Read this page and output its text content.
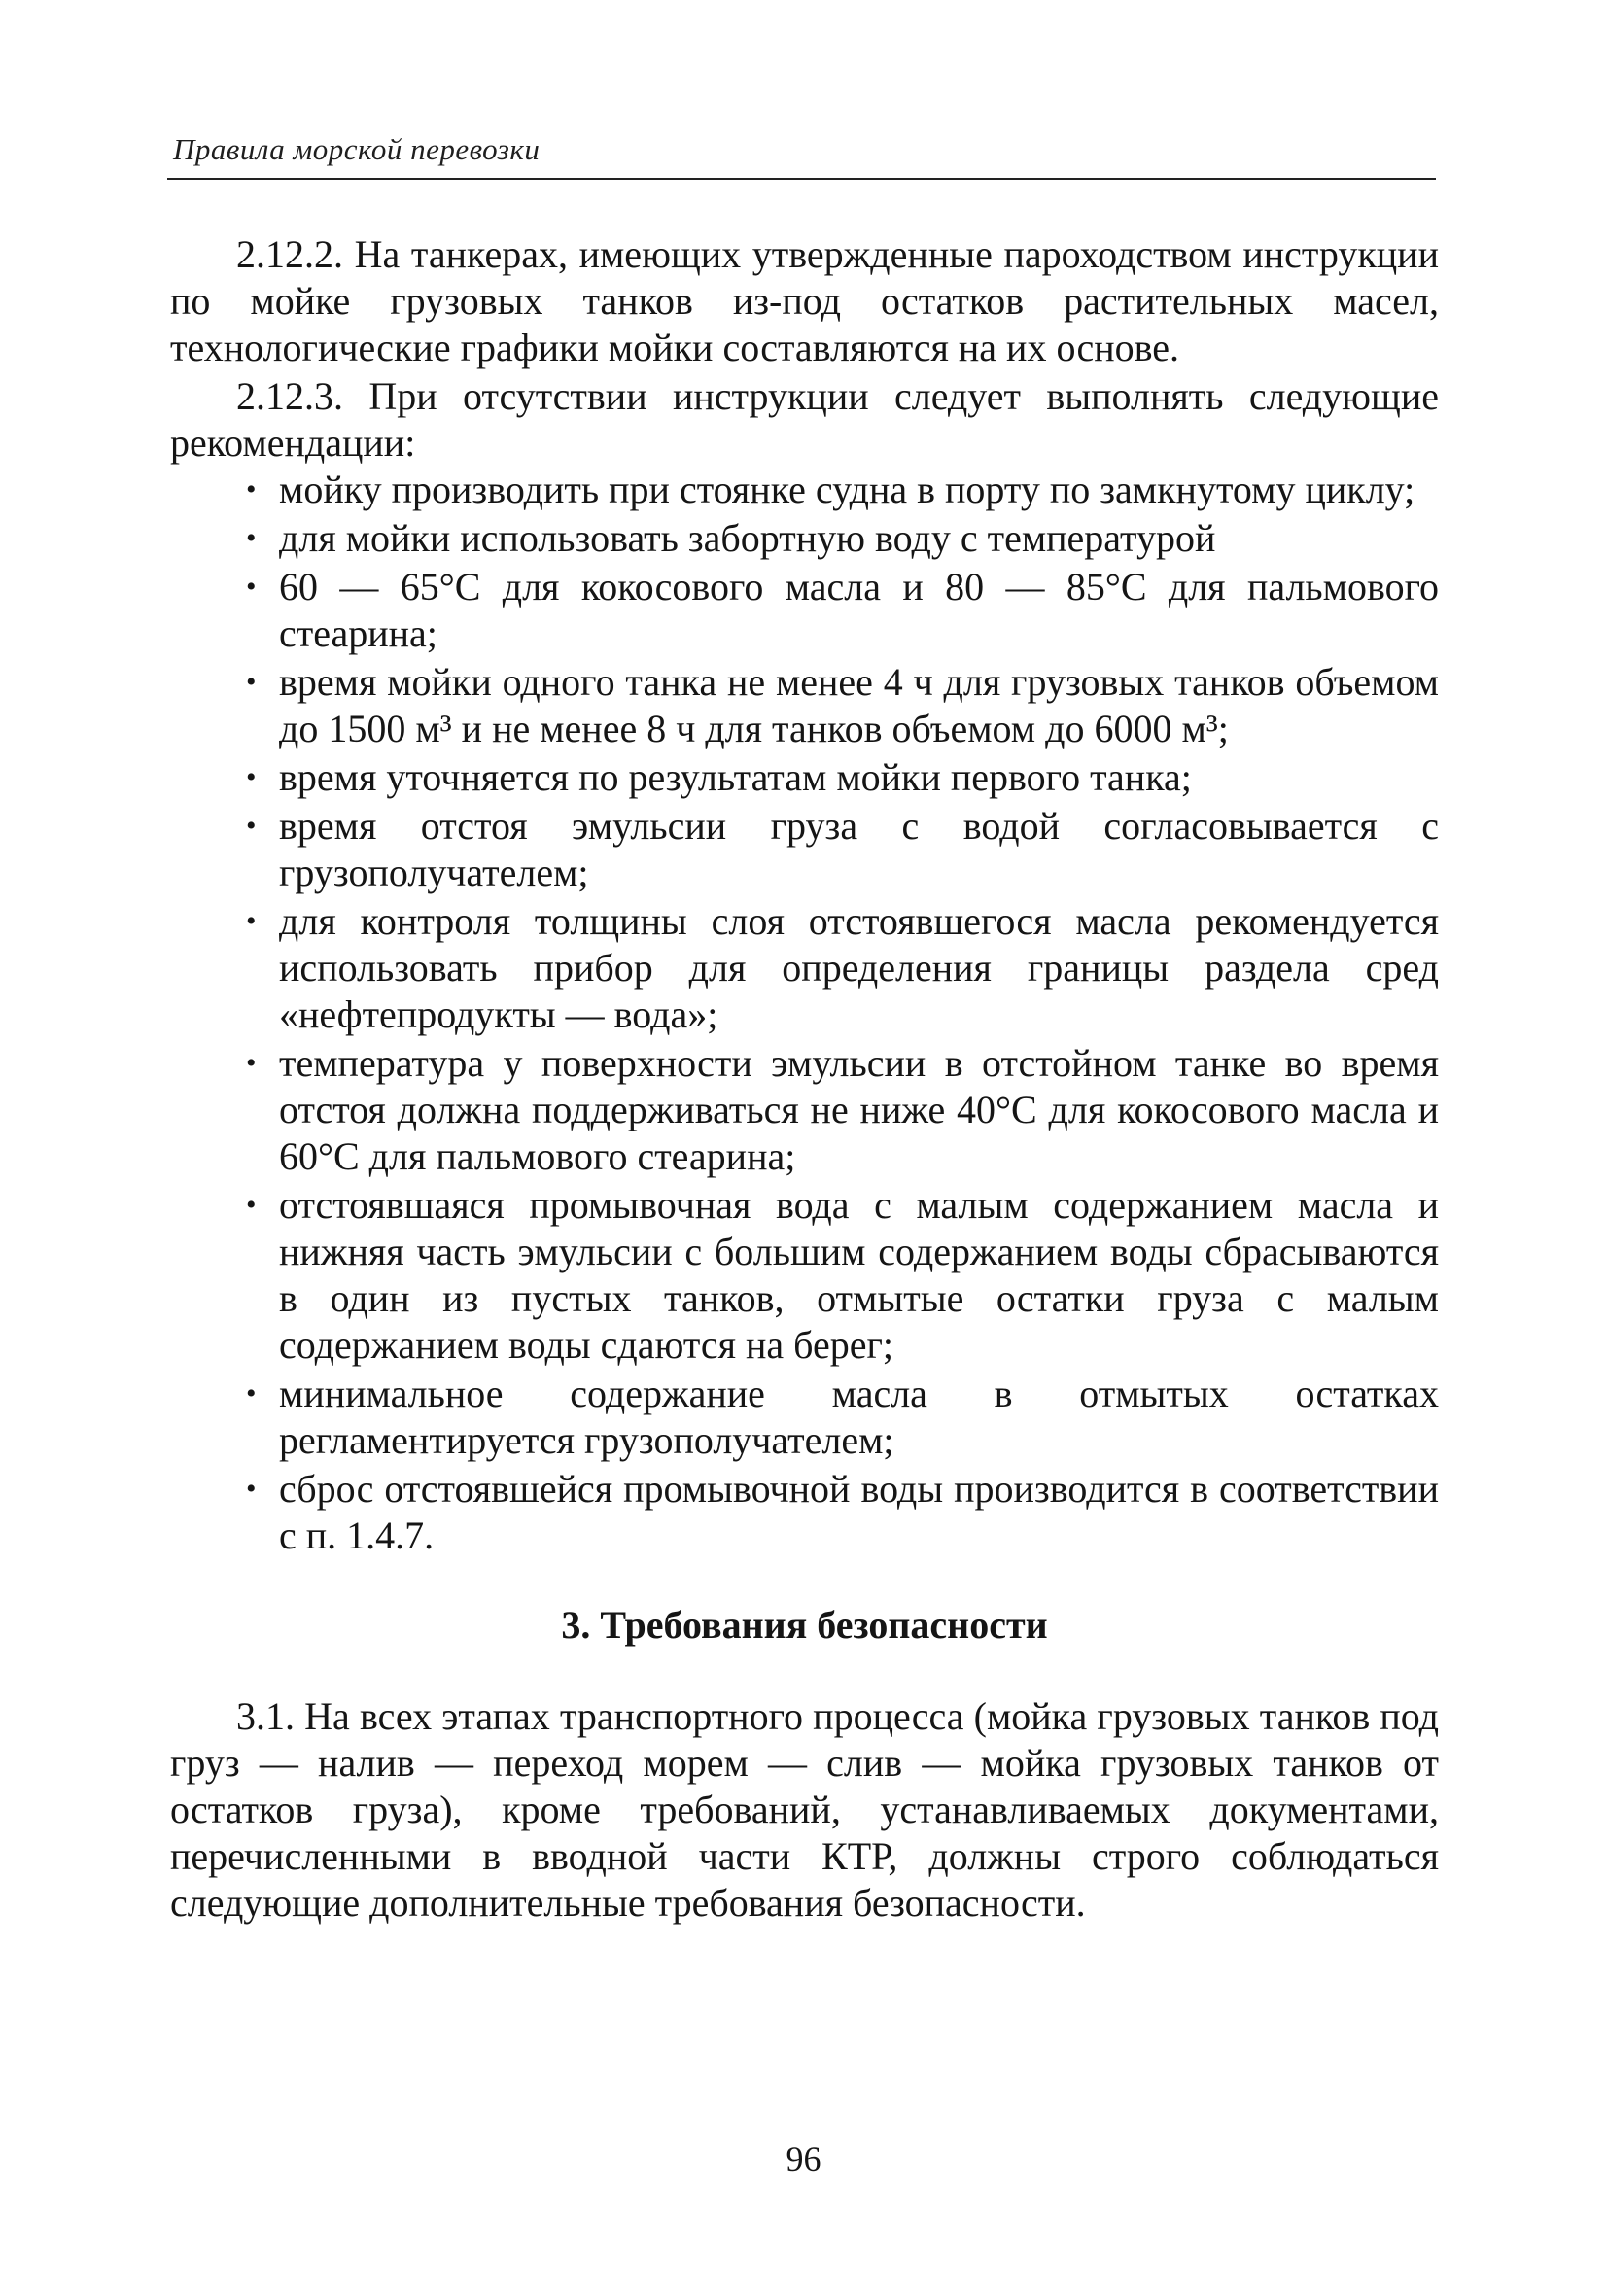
Правила морской перевозки

2.12.2. На танкерах, имеющих утвержденные пароходством инструкции по мойке грузовых танков из-под остатков растительных масел, технологические графики мойки составляются на их основе.

2.12.3. При отсутствии инструкции следует выполнять следующие рекомендации:

• мойку производить при стоянке судна в порту по замкнутому циклу;
• для мойки использовать забортную воду с температурой
• 60 — 65°С для кокосового масла и 80 — 85°С для пальмового стеарина;
• время мойки одного танка не менее 4 ч для грузовых танков объемом до 1500 м³ и не менее 8 ч для танков объемом до 6000 м³;
• время уточняется по результатам мойки первого танка;
• время отстоя эмульсии груза с водой согласовывается с грузополучателем;
• для контроля толщины слоя отстоявшегося масла рекомендуется использовать прибор для определения границы раздела сред «нефтепродукты — вода»;
• температура у поверхности эмульсии в отстойном танке во время отстоя должна поддерживаться не ниже 40°С для кокосового масла и 60°С для пальмового стеарина;
• отстоявшаяся промывочная вода с малым содержанием масла и нижняя часть эмульсии с большим содержанием воды сбрасываются в один из пустых танков, отмытые остатки груза с малым содержанием воды сдаются на берег;
• минимальное содержание масла в отмытых остатках регламентируется грузополучателем;
• сброс отстоявшейся промывочной воды производится в соответствии с п. 1.4.7.
3. Требования безопасности

3.1. На всех этапах транспортного процесса (мойка грузовых танков под груз — налив — переход морем — слив — мойка грузовых танков от остатков груза), кроме требований, устанавливаемых документами, перечисленными в вводной части КТР, должны строго соблюдаться следующие дополнительные требования безопасности.

96
